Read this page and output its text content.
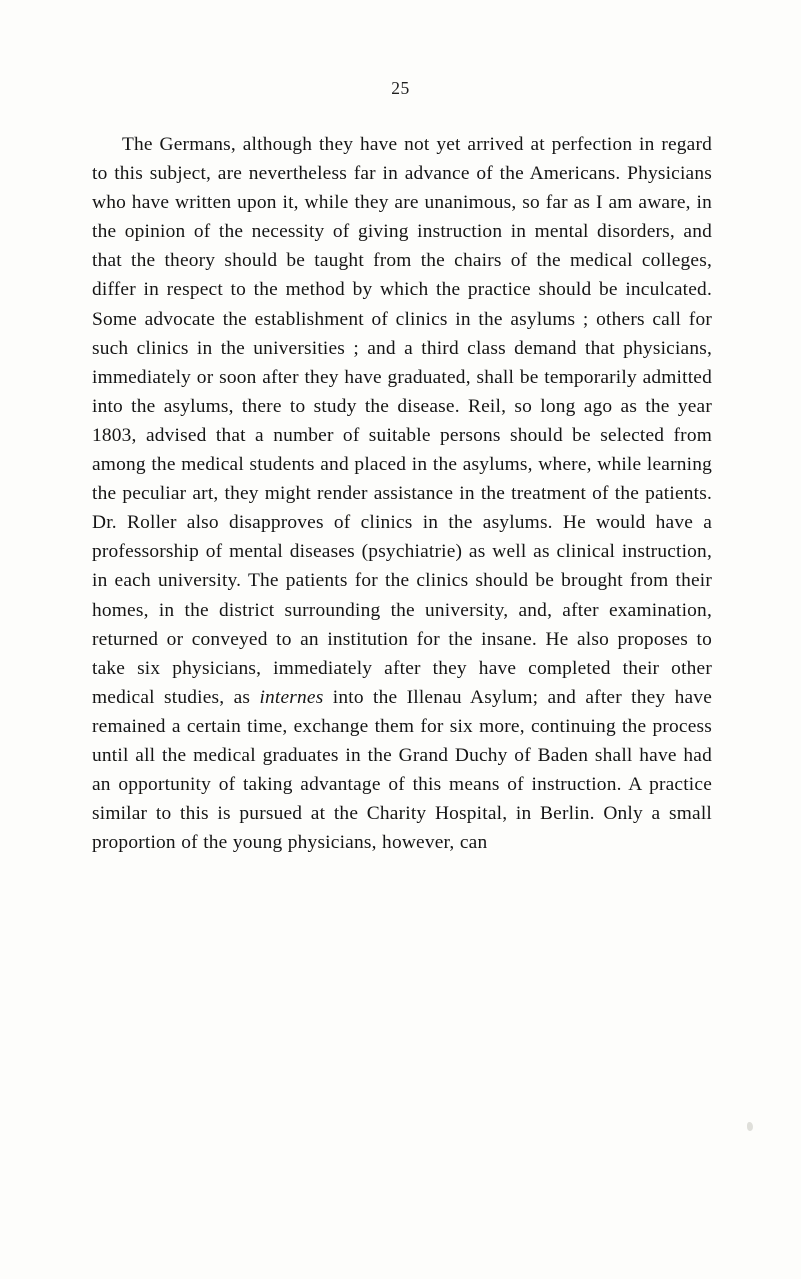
25

The Germans, although they have not yet arrived at perfection in regard to this subject, are nevertheless far in advance of the Americans. Physicians who have written upon it, while they are unanimous, so far as I am aware, in the opinion of the necessity of giving instruction in mental disorders, and that the theory should be taught from the chairs of the medical colleges, differ in respect to the method by which the practice should be inculcated. Some advocate the establishment of clinics in the asylums ; others call for such clinics in the universities ; and a third class demand that physicians, immediately or soon after they have graduated, shall be temporarily admitted into the asylums, there to study the disease. Reil, so long ago as the year 1803, advised that a number of suitable persons should be selected from among the medical students and placed in the asylums, where, while learning the peculiar art, they might render assistance in the treatment of the patients. Dr. Roller also disapproves of clinics in the asylums. He would have a professorship of mental diseases (psychiatrie) as well as clinical instruction, in each university. The patients for the clinics should be brought from their homes, in the district surrounding the university, and, after examination, returned or conveyed to an institution for the insane. He also proposes to take six physicians, immediately after they have completed their other medical studies, as internes into the Illenau Asylum; and after they have remained a certain time, exchange them for six more, continuing the process until all the medical graduates in the Grand Duchy of Baden shall have had an opportunity of taking advantage of this means of instruction. A practice similar to this is pursued at the Charity Hospital, in Berlin. Only a small proportion of the young physicians, however, can
